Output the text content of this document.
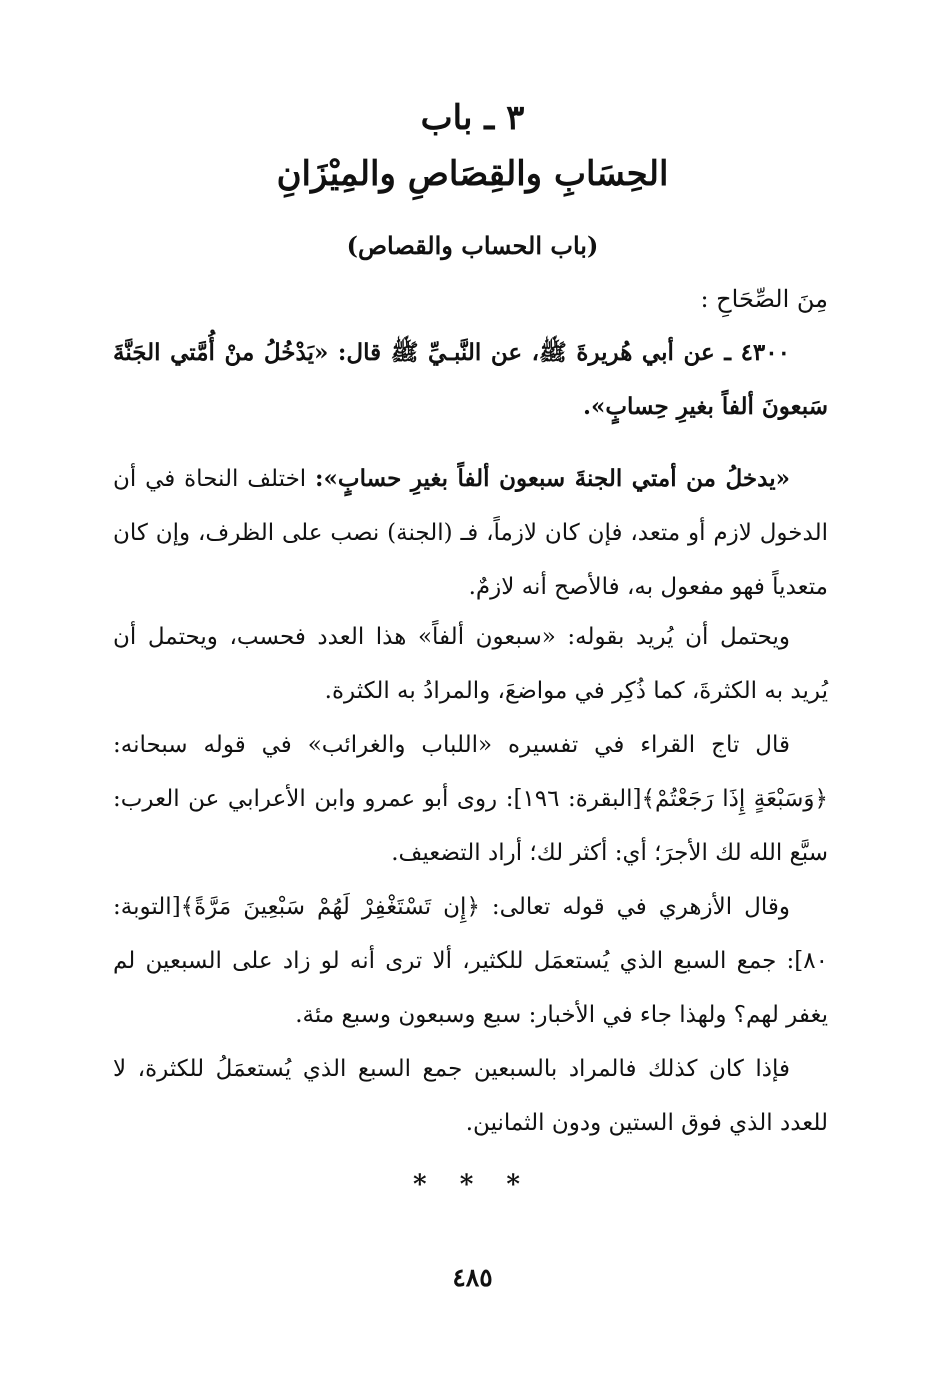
٣ ـ باب
الحِسَابِ والقِصَاصِ والمِيْزَانِ
(باب الحساب والقصاص)
مِنَ الصِّحَاحِ :
٤٣٠٠ ـ عن أبي هُريرةَ ﷺ، عن النَّبـيِّ ﷺ قال: «يَدْخُلُ منْ أُمَّتي الجَنَّةَ سَبعونَ ألفاً بغيرِ حِسابٍ».
«يدخلُ من أمتي الجنةَ سبعون ألفاً بغيرِ حسابٍ»: اختلف النحاة في أن الدخول لازم أو متعد، فإن كان لازماً، فـ (الجنة) نصب على الظرف، وإن كان متعدياً فهو مفعول به، فالأصح أنه لازمٌ.
ويحتمل أن يُريد بقوله: «سبعون ألفاً» هذا العدد فحسب، ويحتمل أن يُريد به الكثرةَ، كما ذُكِر في مواضعَ، والمرادُ به الكثرة.
قال تاج القراء في تفسيره «اللباب والغرائب» في قوله سبحانه: ﴿وَسَبْعَةٍ إِذَا رَجَعْتُمْ﴾[البقرة: ١٩٦]: روى أبو عمرو وابن الأعرابي عن العرب: سبَّع الله لك الأجرَ؛ أي: أكثر لك؛ أراد التضعيف.
وقال الأزهري في قوله تعالى: ﴿إِن تَسْتَغْفِرْ لَهُمْ سَبْعِينَ مَرَّةً﴾[التوبة: ٨٠]: جمع السبع الذي يُستعمَل للكثير، ألا ترى أنه لو زاد على السبعين لم يغفر لهم؟ ولهذا جاء في الأخبار: سبع وسبعون وسبع مئة.
فإذا كان كذلك فالمراد بالسبعين جمع السبع الذي يُستعمَلُ للكثرة، لا للعدد الذي فوق الستين ودون الثمانين.
* * *
٤٨٥
